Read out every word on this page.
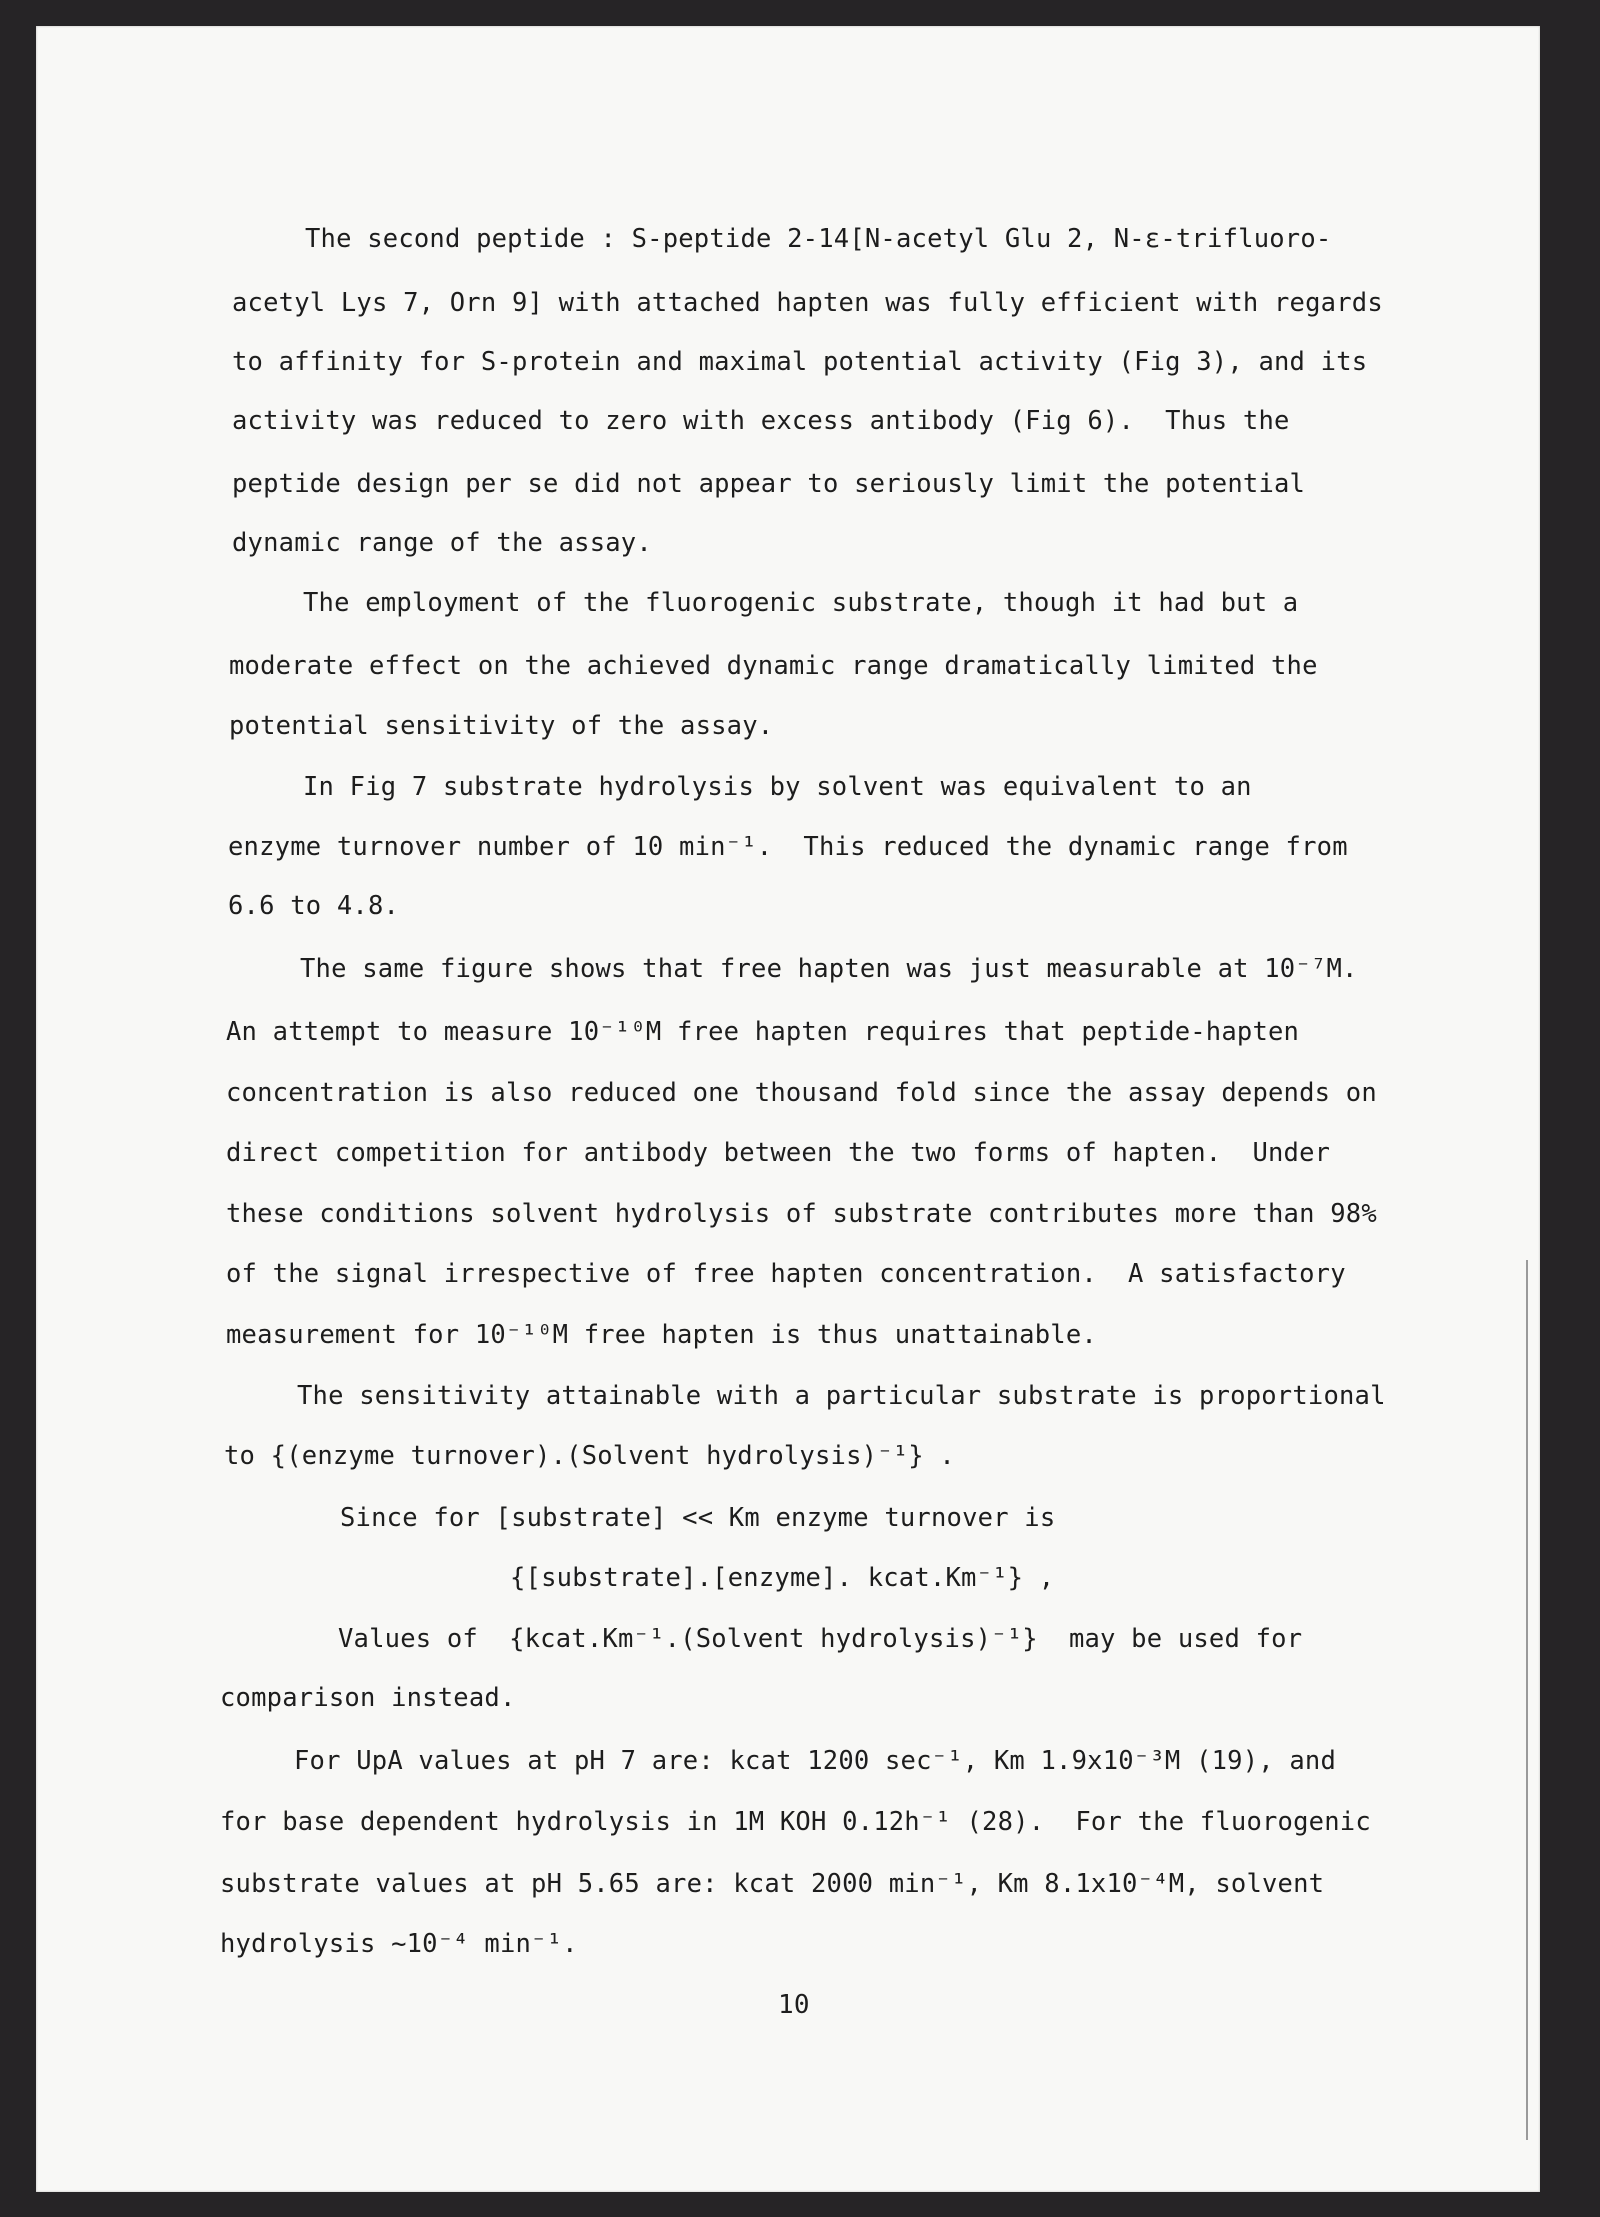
The second peptide : S-peptide 2-14[N-acetyl Glu 2, N-ε-trifluoro-
acetyl Lys 7, Orn 9] with attached hapten was fully efficient with regards
to affinity for S-protein and maximal potential activity (Fig 3), and its
activity was reduced to zero with excess antibody (Fig 6).  Thus the
peptide design per se did not appear to seriously limit the potential
dynamic range of the assay.
The employment of the fluorogenic substrate, though it had but a
moderate effect on the achieved dynamic range dramatically limited the
potential sensitivity of the assay.
In Fig 7 substrate hydrolysis by solvent was equivalent to an
enzyme turnover number of 10 min⁻¹.  This reduced the dynamic range from
6.6 to 4.8.
The same figure shows that free hapten was just measurable at 10⁻⁷M.
An attempt to measure 10⁻¹⁰M free hapten requires that peptide-hapten
concentration is also reduced one thousand fold since the assay depends on
direct competition for antibody between the two forms of hapten.  Under
these conditions solvent hydrolysis of substrate contributes more than 98%
of the signal irrespective of free hapten concentration.  A satisfactory
measurement for 10⁻¹⁰M free hapten is thus unattainable.
The sensitivity attainable with a particular substrate is proportional
to {(enzyme turnover).(Solvent hydrolysis)⁻¹} .
Since for [substrate] << Km enzyme turnover is
{[substrate].[enzyme]. kcat.Km⁻¹} ,
Values of  {kcat.Km⁻¹.(Solvent hydrolysis)⁻¹}  may be used for
comparison instead.
For UpA values at pH 7 are: kcat 1200 sec⁻¹, Km 1.9x10⁻³M (19), and
for base dependent hydrolysis in 1M KOH 0.12h⁻¹ (28).  For the fluorogenic
substrate values at pH 5.65 are: kcat 2000 min⁻¹, Km 8.1x10⁻⁴M, solvent
hydrolysis ~10⁻⁴ min⁻¹.
10
